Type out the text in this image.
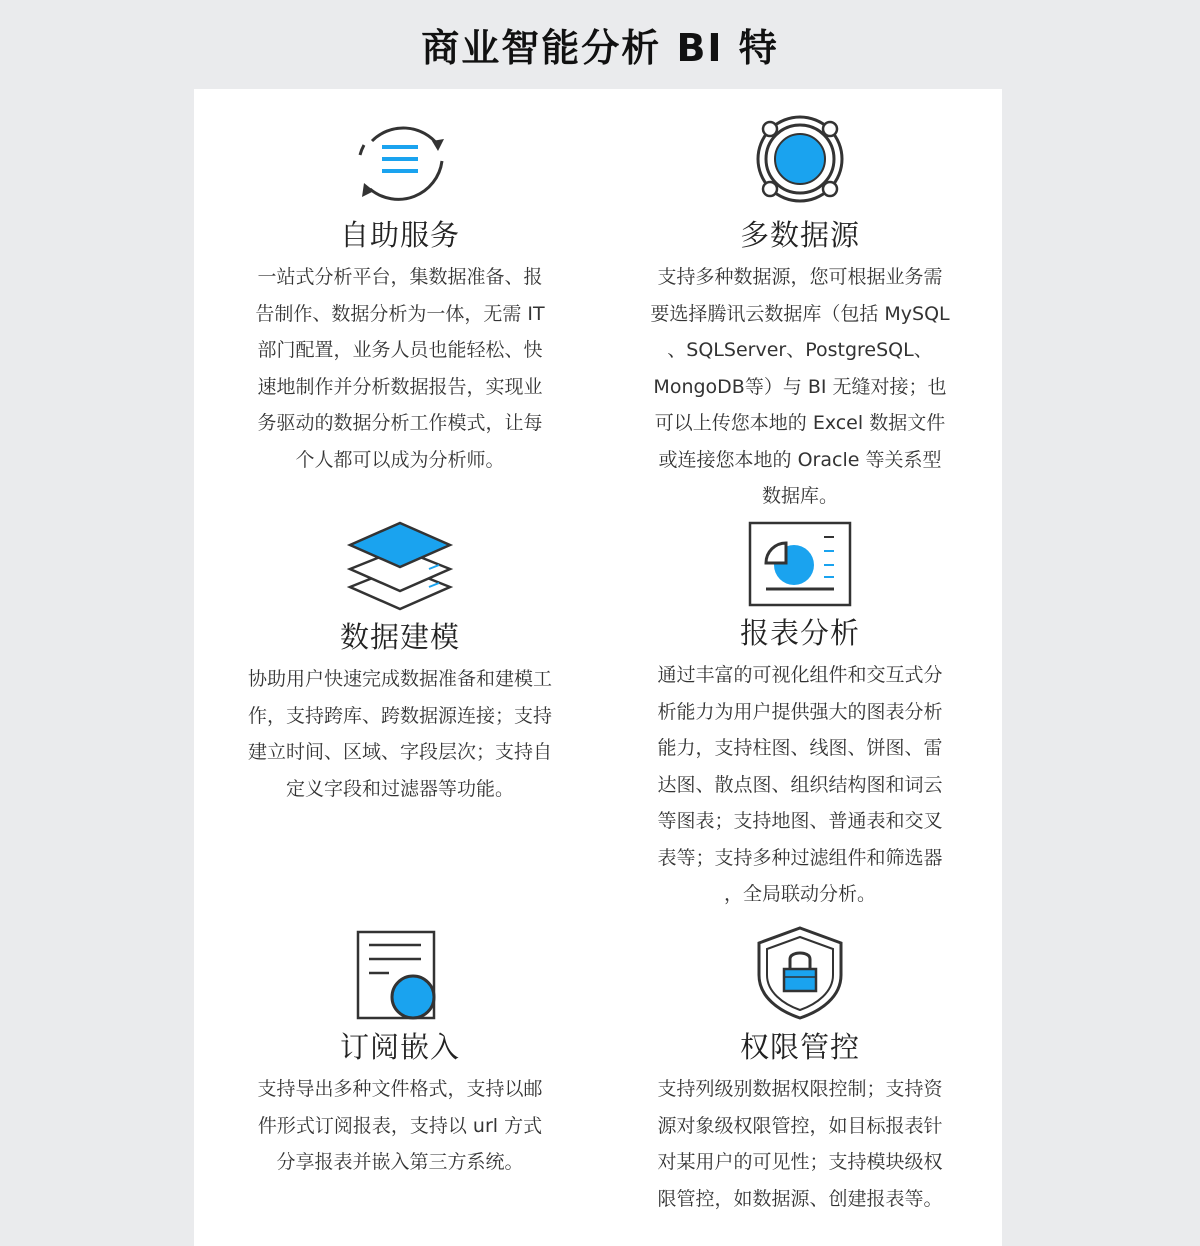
商业智能分析 BI 特
自助服务
一站式分析平台，集数据准备、报
告制作、数据分析为一体，无需 IT
部门配置，业务人员也能轻松、快
速地制作并分析数据报告，实现业
务驱动的数据分析工作模式，让每
个人都可以成为分析师。
多数据源
支持多种数据源，您可根据业务需
要选择腾讯云数据库（包括 MySQL
、SQLServer、PostgreSQL、
MongoDB等）与 BI 无缝对接；也
可以上传您本地的 Excel 数据文件
或连接您本地的 Oracle 等关系型
数据库。
数据建模
协助用户快速完成数据准备和建模工
作，支持跨库、跨数据源连接；支持
建立时间、区域、字段层次；支持自
定义字段和过滤器等功能。
报表分析
通过丰富的可视化组件和交互式分
析能力为用户提供强大的图表分析
能力，支持柱图、线图、饼图、雷
达图、散点图、组织结构图和词云
等图表；支持地图、普通表和交叉
表等；支持多种过滤组件和筛选器
，全局联动分析。
订阅嵌入
支持导出多种文件格式，支持以邮
件形式订阅报表，支持以 url 方式
分享报表并嵌入第三方系统。
权限管控
支持列级别数据权限控制；支持资
源对象级权限管控，如目标报表针
对某用户的可见性；支持模块级权
限管控，如数据源、创建报表等。
